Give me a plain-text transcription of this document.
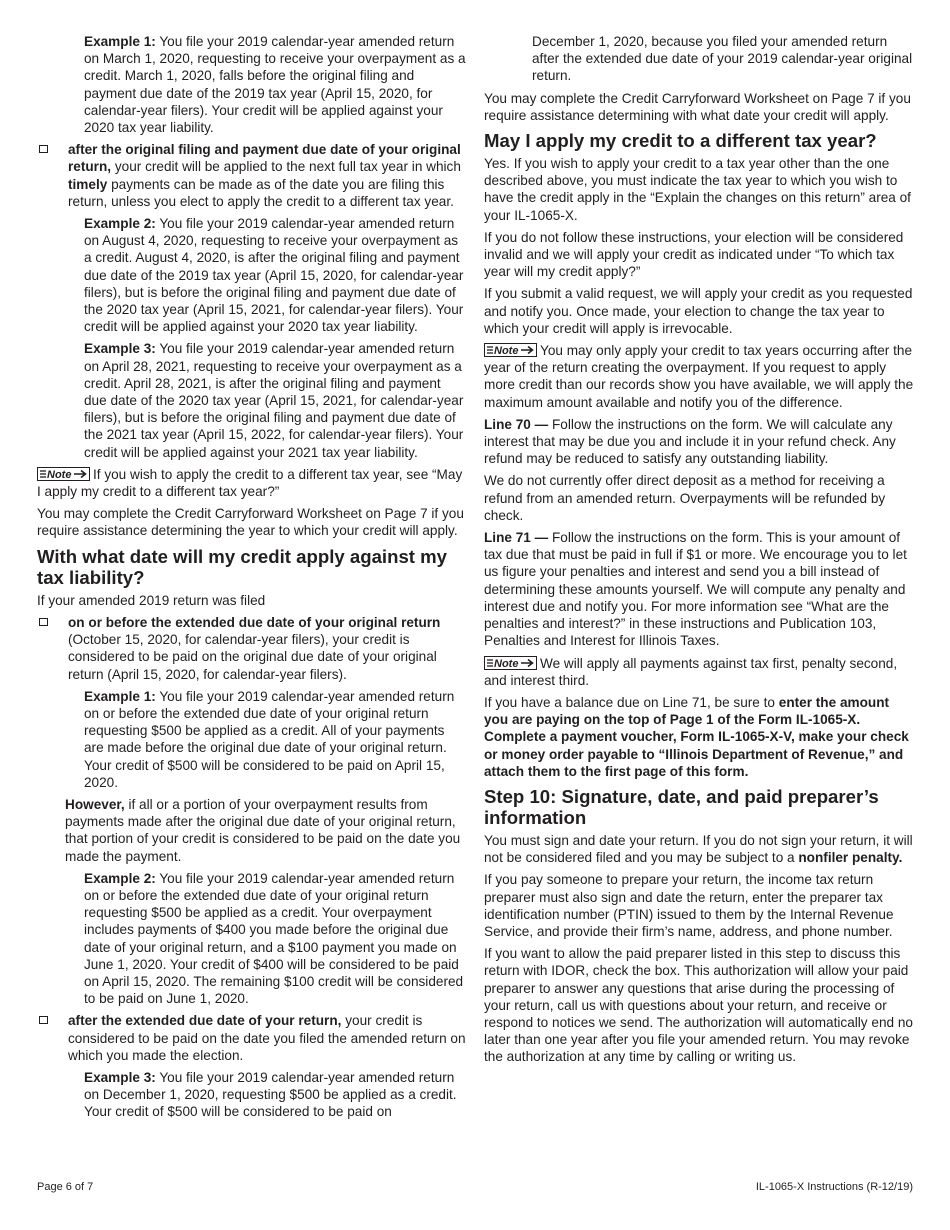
Example 1: You file your 2019 calendar-year amended return on March 1, 2020, requesting to receive your overpayment as a credit. March 1, 2020, falls before the original filing and payment due date of the 2019 tax year (April 15, 2020, for calendar-year filers). Your credit will be applied against your 2020 tax year liability.

after the original filing and payment due date of your original return, your credit will be applied to the next full tax year in which timely payments can be made as of the date you are filing this return, unless you elect to apply the credit to a different tax year.

Example 2: You file your 2019 calendar-year amended return on August 4, 2020, requesting to receive your overpayment as a credit. August 4, 2020, is after the original filing and payment due date of the 2019 tax year (April 15, 2020, for calendar-year filers), but is before the original filing and payment due date of the 2020 tax year (April 15, 2021, for calendar-year filers). Your credit will be applied against your 2020 tax year liability.

Example 3: You file your 2019 calendar-year amended return on April 28, 2021, requesting to receive your overpayment as a credit. April 28, 2021, is after the original filing and payment due date of the 2020 tax year (April 15, 2021, for calendar-year filers), but is before the original filing and payment due date of the 2021 tax year (April 15, 2022, for calendar-year filers). Your credit will be applied against your 2021 tax year liability.

If you wish to apply the credit to a different tax year, see “May I apply my credit to a different tax year?”

You may complete the Credit Carryforward Worksheet on Page 7 if you require assistance determining the year to which your credit will apply.

With what date will my credit apply against my tax liability?

If your amended 2019 return was filed

on or before the extended due date of your original return (October 15, 2020, for calendar-year filers), your credit is considered to be paid on the original due date of your original return (April 15, 2020, for calendar-year filers).

Example 1: You file your 2019 calendar-year amended return on or before the extended due date of your original return requesting $500 be applied as a credit. All of your payments are made before the original due date of your original return. Your credit of $500 will be considered to be paid on April 15, 2020.

However, if all or a portion of your overpayment results from payments made after the original due date of your original return, that portion of your credit is considered to be paid on the date you made the payment.

Example 2: You file your 2019 calendar-year amended return on or before the extended due date of your original return requesting $500 be applied as a credit. Your overpayment includes payments of $400 you made before the original due date of your original return, and a $100 payment you made on June 1, 2020. Your credit of $400 will be considered to be paid on April 15, 2020. The remaining $100 credit will be considered to be paid on June 1, 2020.

after the extended due date of your return, your credit is considered to be paid on the date you filed the amended return on which you made the election.

Example 3: You file your 2019 calendar-year amended return on December 1, 2020, requesting $500 be applied as a credit. Your credit of $500 will be considered to be paid on

December 1, 2020, because you filed your amended return after the extended due date of your 2019 calendar-year original return.

You may complete the Credit Carryforward Worksheet on Page 7 if you require assistance determining with what date your credit will apply.

May I apply my credit to a different tax year?

Yes. If you wish to apply your credit to a tax year other than the one described above, you must indicate the tax year to which you wish to have the credit apply in the “Explain the changes on this return” area of your IL-1065-X.

If you do not follow these instructions, your election will be considered invalid and we will apply your credit as indicated under “To which tax year will my credit apply?”

If you submit a valid request, we will apply your credit as you requested and notify you. Once made, your election to change the tax year to which your credit will apply is irrevocable.

You may only apply your credit to tax years occurring after the year of the return creating the overpayment. If you request to apply more credit than our records show you have available, we will apply the maximum amount available and notify you of the difference.

Line 70 — Follow the instructions on the form. We will calculate any interest that may be due you and include it in your refund check. Any refund may be reduced to satisfy any outstanding liability.

We do not currently offer direct deposit as a method for receiving a refund from an amended return. Overpayments will be refunded by check.

Line 71 — Follow the instructions on the form. This is your amount of tax due that must be paid in full if $1 or more. We encourage you to let us figure your penalties and interest and send you a bill instead of determining these amounts yourself. We will compute any penalty and interest due and notify you. For more information see “What are the penalties and interest?” in these instructions and Publication 103, Penalties and Interest for Illinois Taxes.

We will apply all payments against tax first, penalty second, and interest third.

If you have a balance due on Line 71, be sure to enter the amount you are paying on the top of Page 1 of the Form IL-1065-X. Complete a payment voucher, Form IL-1065-X-V, make your check or money order payable to “Illinois Department of Revenue,” and attach them to the first page of this form.

Step 10: Signature, date, and paid preparer’s information

You must sign and date your return. If you do not sign your return, it will not be considered filed and you may be subject to a nonfiler penalty.

If you pay someone to prepare your return, the income tax return preparer must also sign and date the return, enter the preparer tax identification number (PTIN) issued to them by the Internal Revenue Service, and provide their firm’s name, address, and phone number.

If you want to allow the paid preparer listed in this step to discuss this return with IDOR, check the box. This authorization will allow your paid preparer to answer any questions that arise during the processing of your return, call us with questions about your return, and receive or respond to notices we send. The authorization will automatically end no later than one year after you file your amended return. You may revoke the authorization at any time by calling or writing us.

Page 6 of 7	IL-1065-X Instructions (R-12/19)
